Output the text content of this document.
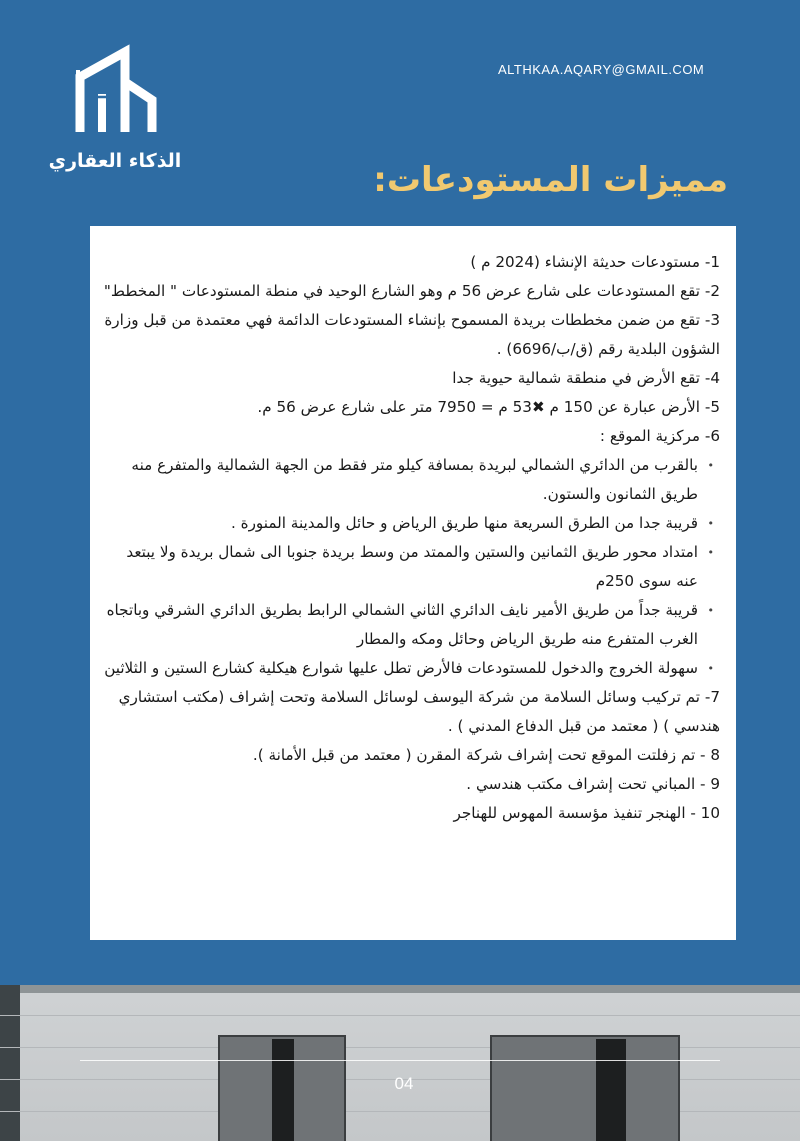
ALTHKAA.AQARY@GMAIL.COM
الذكاء العقاري	مميزات المستودعات:

1- مستودعات حديثة الإنشاء (2024 م )

2- تقع المستودعات على شارع عرض 56 م وهو الشارع الوحيد في منطة المستودعات " المخطط"

3- تقع من ضمن مخططات بريدة المسموح بإنشاء المستودعات الدائمة فهي معتمدة من قبل وزارة الشؤون البلدية رقم (ق/ب/6696) .

4- تقع الأرض في منطقة شمالية حيوية جدا

5- الأرض عبارة عن 150 م ✖53 م = 7950 متر على شارع عرض 56 م.

6- مركزية الموقع :

• بالقرب من الدائري الشمالي لبريدة بمسافة كيلو متر فقط من الجهة الشمالية والمتفرع منه طريق الثمانون والستون.
• قريبة جدا من الطرق السريعة منها طريق الرياض و حائل والمدينة المنورة .
• امتداد محور طريق الثمانين والستين والممتد من وسط بريدة جنوبا الى شمال بريدة ولا يبتعد عنه سوى 250م
• قريبة جداً من طريق الأمير نايف الدائري الثاني الشمالي الرابط بطريق الدائري الشرقي وباتجاه الغرب المتفرع منه طريق الرياض وحائل ومكه والمطار
• سهولة الخروج والدخول للمستودعات فالأرض تطل عليها شوارع هيكلية كشارع الستين و الثلاثين

7- تم تركيب وسائل السلامة من شركة اليوسف لوسائل السلامة وتحت إشراف (مكتب استشاري هندسي ) ( معتمد من قبل الدفاع المدني ) .

8 - تم زفلتت الموقع تحت إشراف شركة المقرن ( معتمد من قبل الأمانة ).

9 - المباني تحت إشراف مكتب هندسي .

10 - الهنجر تنفيذ مؤسسة المهوس للهناجر

04
